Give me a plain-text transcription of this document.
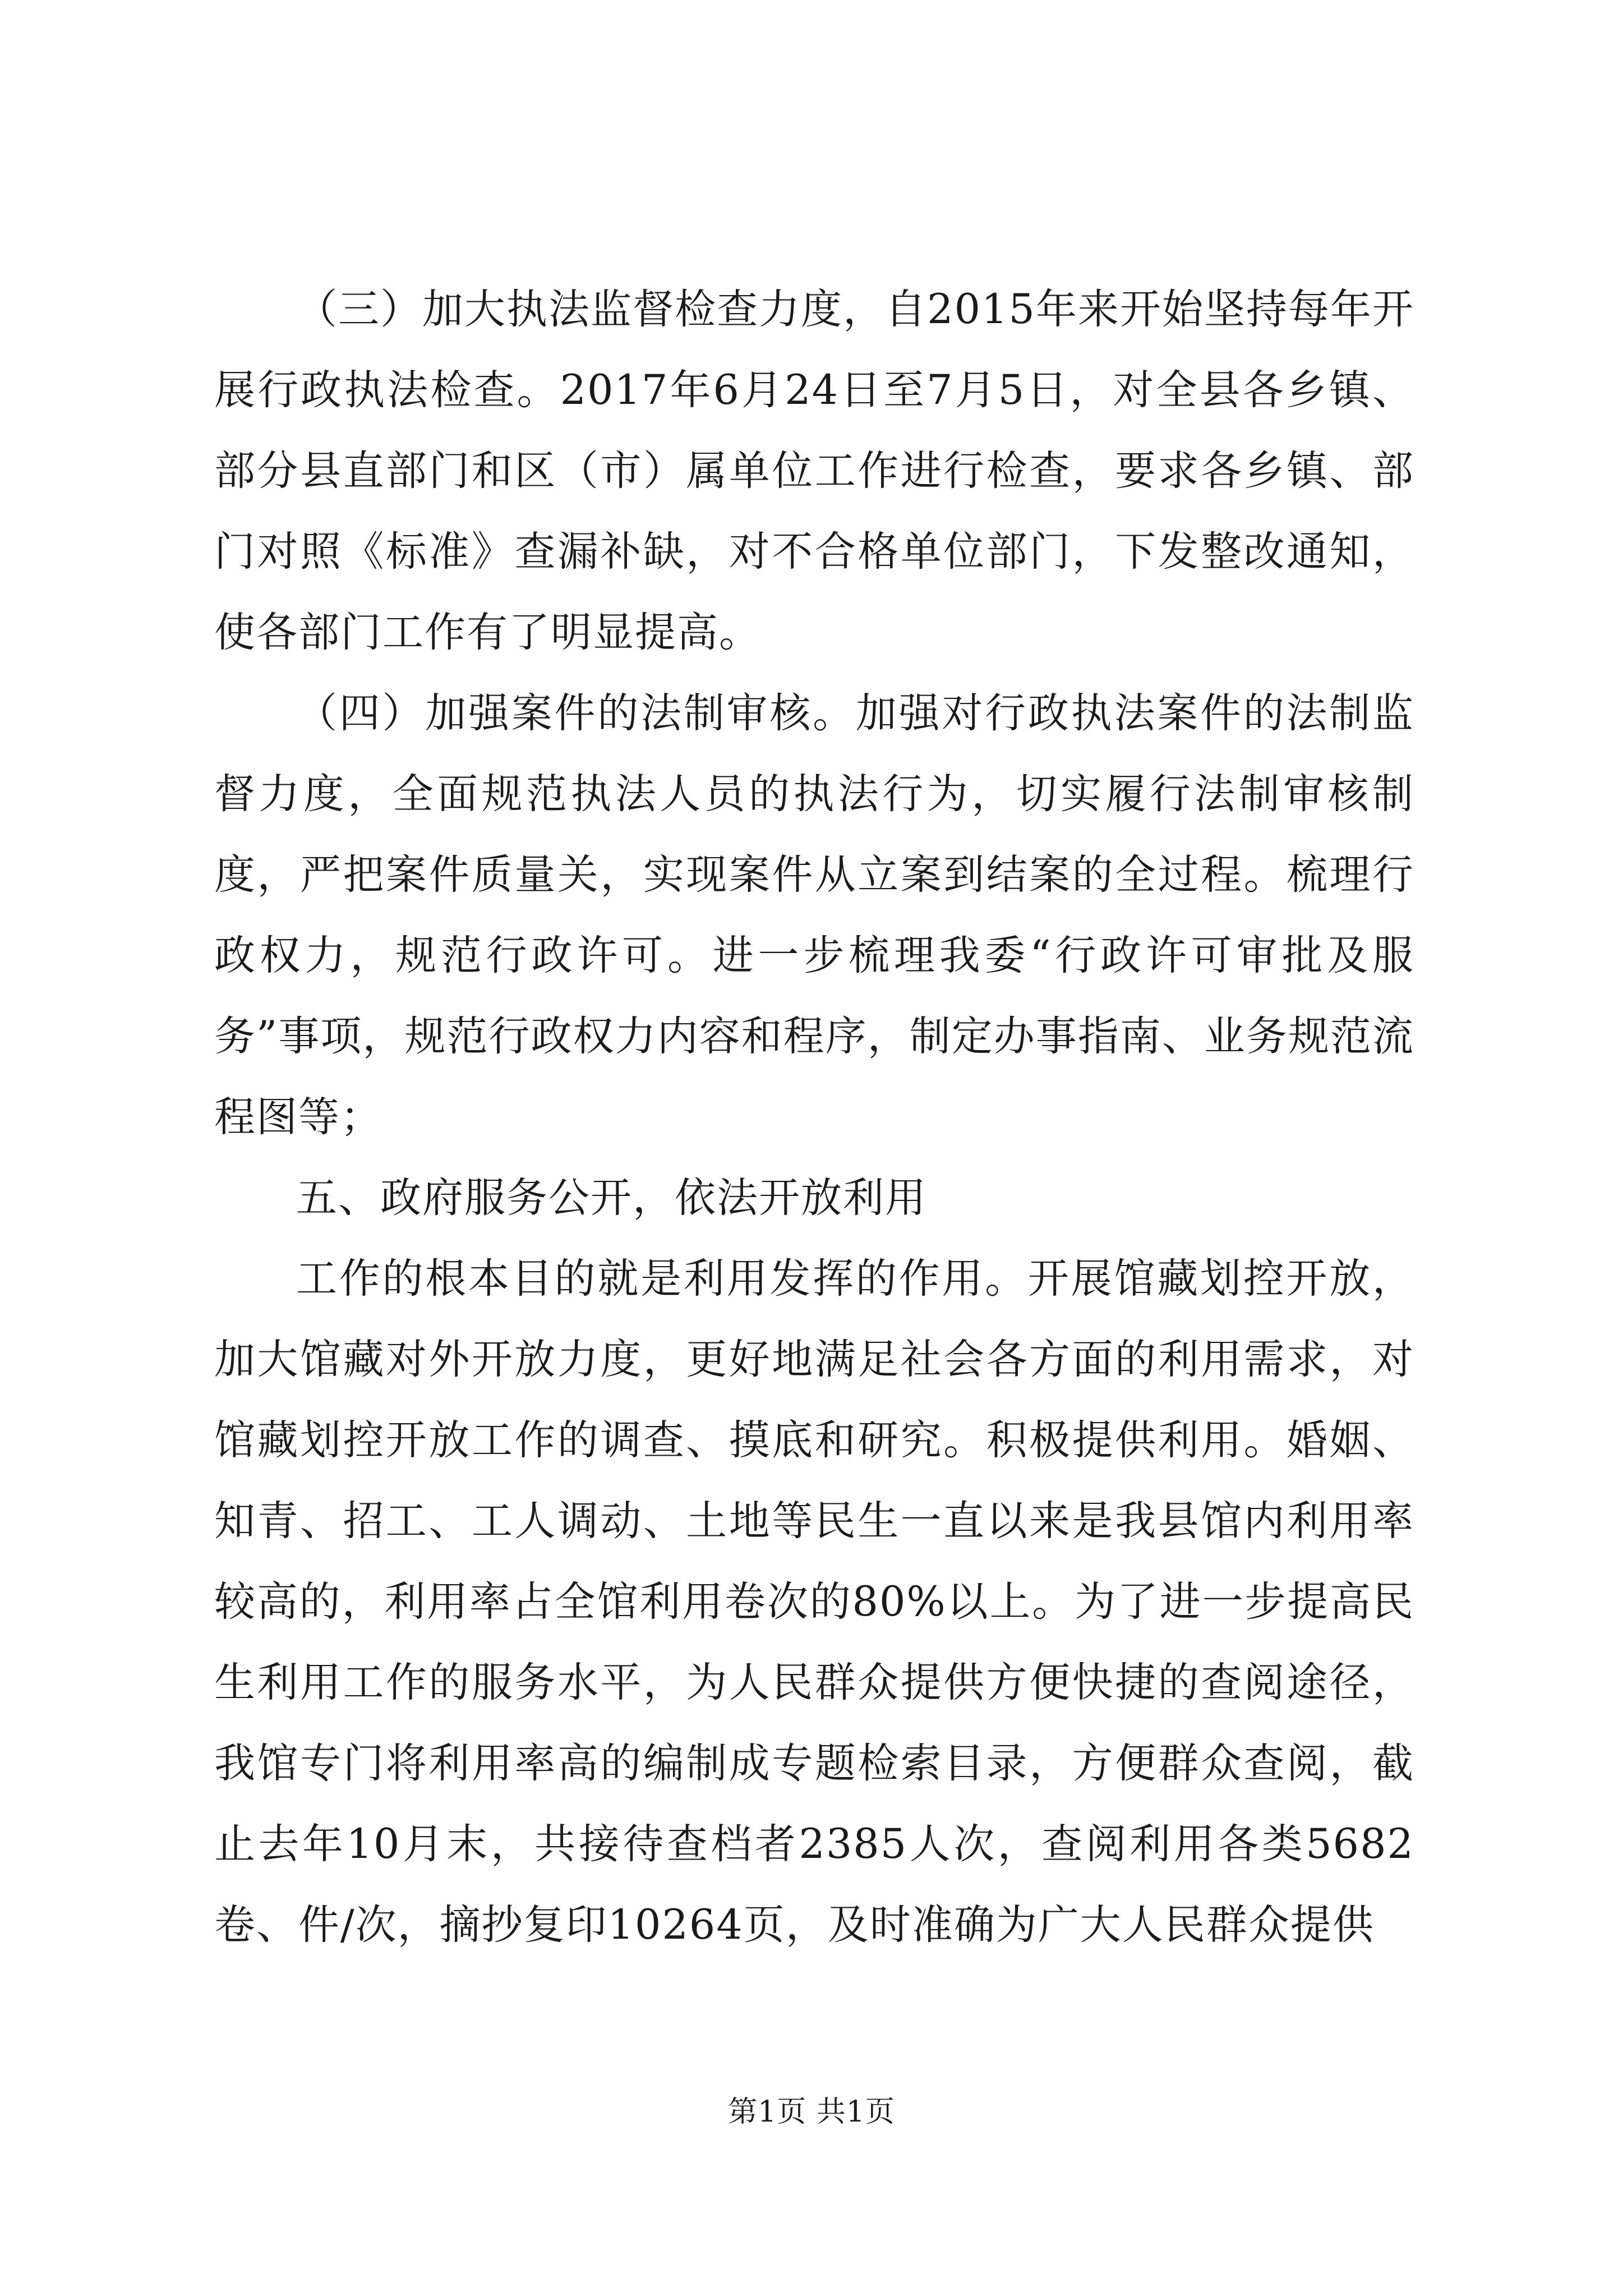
（三）加大执法监督检查力度，自2015年来开始坚持每年开展行政执法检查。2017年6月24日至7月5日，对全县各乡镇、部分县直部门和区（市）属单位工作进行检查，要求各乡镇、部门对照《标准》查漏补缺，对不合格单位部门，下发整改通知，使各部门工作有了明显提高。

（四）加强案件的法制审核。加强对行政执法案件的法制监督力度，全面规范执法人员的执法行为，切实履行法制审核制度，严把案件质量关，实现案件从立案到结案的全过程。梳理行政权力，规范行政许可。进一步梳理我委“行政许可审批及服务”事项，规范行政权力内容和程序，制定办事指南、业务规范流程图等；

五、政府服务公开，依法开放利用

工作的根本目的就是利用发挥的作用。开展馆藏划控开放，加大馆藏对外开放力度，更好地满足社会各方面的利用需求，对馆藏划控开放工作的调查、摸底和研究。积极提供利用。婚姻、知青、招工、工人调动、土地等民生一直以来是我县馆内利用率较高的，利用率占全馆利用卷次的80%以上。为了进一步提高民生利用工作的服务水平，为人民群众提供方便快捷的查阅途径，我馆专门将利用率高的编制成专题检索目录，方便群众查阅，截止去年10月末，共接待查档者2385人次，查阅利用各类5682卷、件/次，摘抄复印10264页，及时准确为广大人民群众提供

第1页 共1页
